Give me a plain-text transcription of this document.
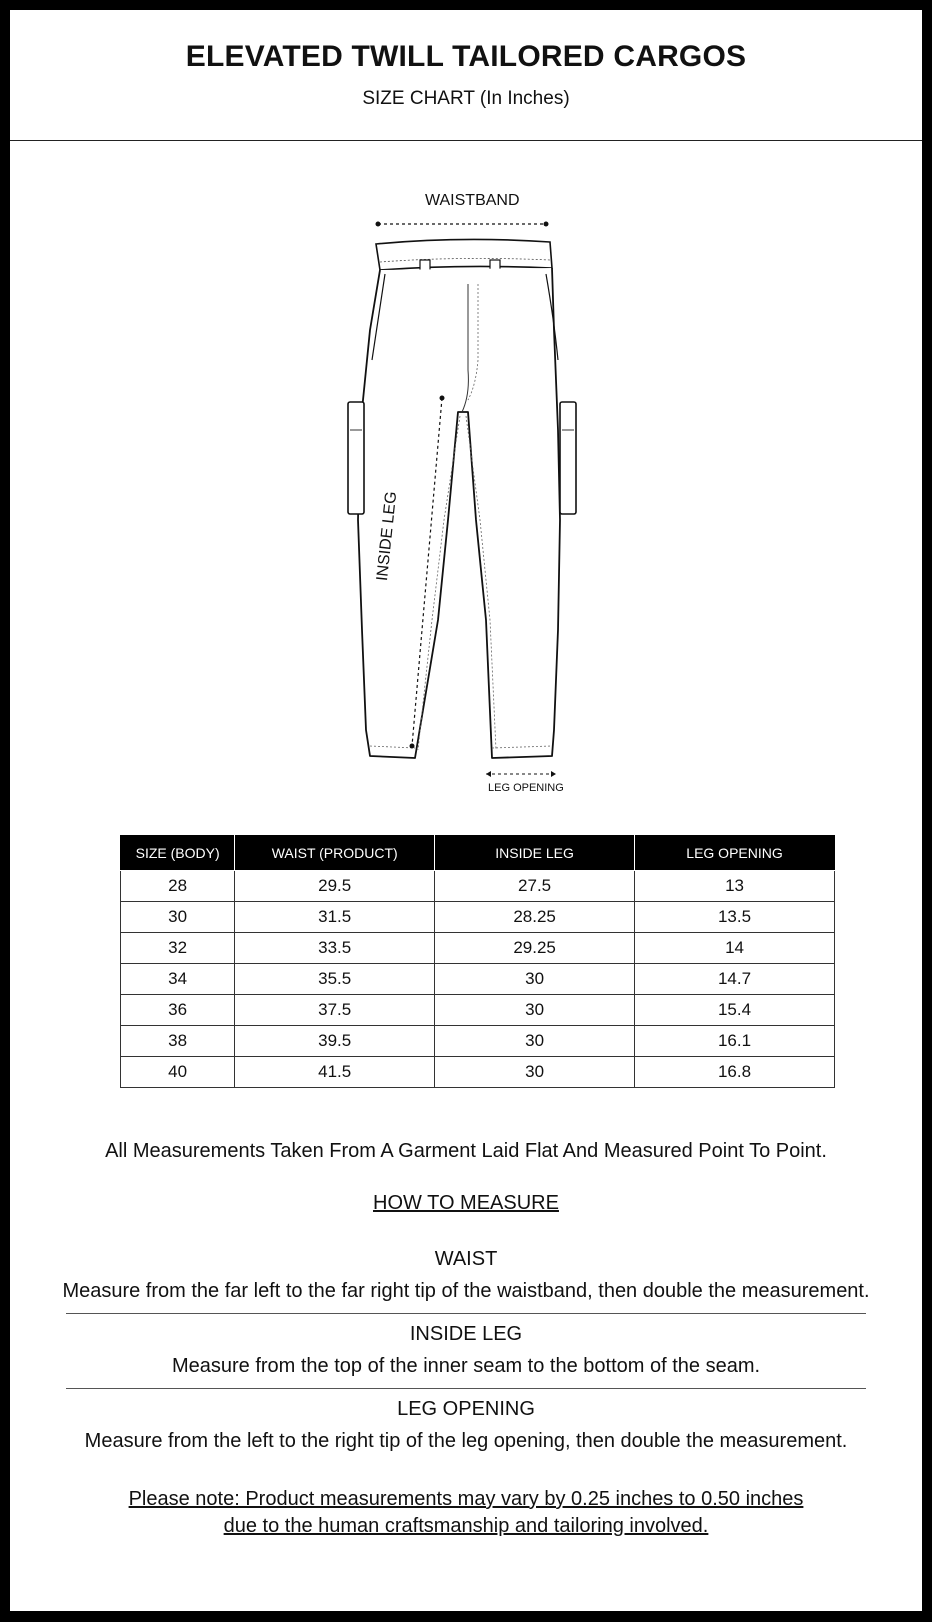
ELEVATED TWILL TAILORED CARGOS
SIZE CHART (In Inches)
WAISTBAND
INSIDE LEG
LEG OPENING
SIZE (BODY)	WAIST (PRODUCT)	INSIDE LEG	LEG OPENING
28	29.5	27.5	13
30	31.5	28.25	13.5
32	33.5	29.25	14
34	35.5	30	14.7
36	37.5	30	15.4
38	39.5	30	16.1
40	41.5	30	16.8
All Measurements Taken From A Garment Laid Flat And Measured Point To Point.
HOW TO MEASURE
WAIST
Measure from the far left to the far right tip of the waistband, then double the measurement.
INSIDE LEG
Measure from the top of the inner seam to the bottom of the seam.
LEG OPENING
Measure from the left to the right tip of the leg opening, then double the measurement.
Please note: Product measurements may vary by 0.25 inches to 0.50 inches
due to the human craftsmanship and tailoring involved.
